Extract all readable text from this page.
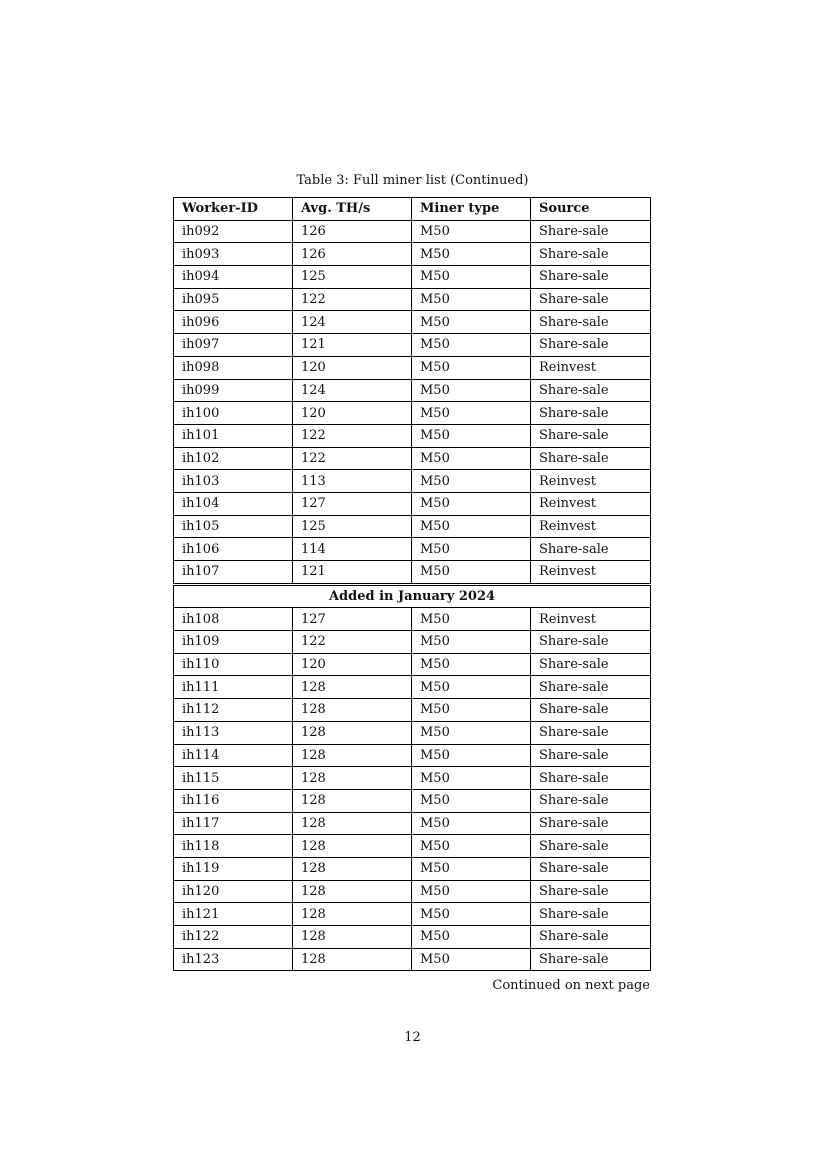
Table 3: Full miner list (Continued)
Worker-ID	Avg. TH/s	Miner type	Source
ih092	126	M50	Share-sale
ih093	126	M50	Share-sale
ih094	125	M50	Share-sale
ih095	122	M50	Share-sale
ih096	124	M50	Share-sale
ih097	121	M50	Share-sale
ih098	120	M50	Reinvest
ih099	124	M50	Share-sale
ih100	120	M50	Share-sale
ih101	122	M50	Share-sale
ih102	122	M50	Share-sale
ih103	113	M50	Reinvest
ih104	127	M50	Reinvest
ih105	125	M50	Reinvest
ih106	114	M50	Share-sale
ih107	121	M50	Reinvest
Added in January 2024			
ih108	127	M50	Reinvest
ih109	122	M50	Share-sale
ih110	120	M50	Share-sale
ih111	128	M50	Share-sale
ih112	128	M50	Share-sale
ih113	128	M50	Share-sale
ih114	128	M50	Share-sale
ih115	128	M50	Share-sale
ih116	128	M50	Share-sale
ih117	128	M50	Share-sale
ih118	128	M50	Share-sale
ih119	128	M50	Share-sale
ih120	128	M50	Share-sale
ih121	128	M50	Share-sale
ih122	128	M50	Share-sale
ih123	128	M50	Share-sale
Continued on next page
12
